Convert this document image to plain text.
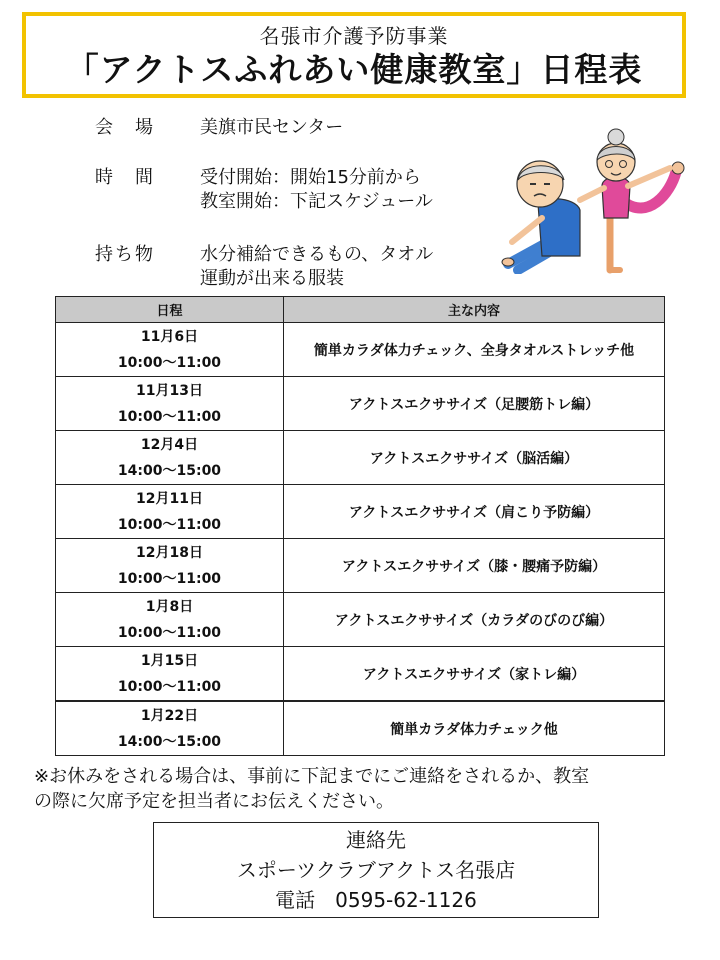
名張市介護予防事業
「アクトスふれあい健康教室」日程表
会　場	美旗市民センター
時　間	受付開始：開始15分前から
教室開始：下記スケジュール
持ち物	水分補給できるもの、タオル
運動が出来る服装
日程	主な内容

11月6日
10:00～11:00	簡単カラダ体力チェック、全身タオルストレッチ他

11月13日
10:00～11:00	アクトスエクササイズ（足腰筋トレ編）

12月4日
14:00～15:00	アクトスエクササイズ（脳活編）

12月11日
10:00～11:00	アクトスエクササイズ（肩こり予防編）

12月18日
10:00～11:00	アクトスエクササイズ（膝・腰痛予防編）

1月8日
10:00～11:00	アクトスエクササイズ（カラダのびのび編）

1月15日
10:00～11:00	アクトスエクササイズ（家トレ編）

1月22日
14:00～15:00	簡単カラダ体力チェック他
※お休みをされる場合は、事前に下記までにご連絡をされるか、教室
の際に欠席予定を担当者にお伝えください。
連絡先
スポーツクラブアクトス名張店
電話　0595-62-1126
